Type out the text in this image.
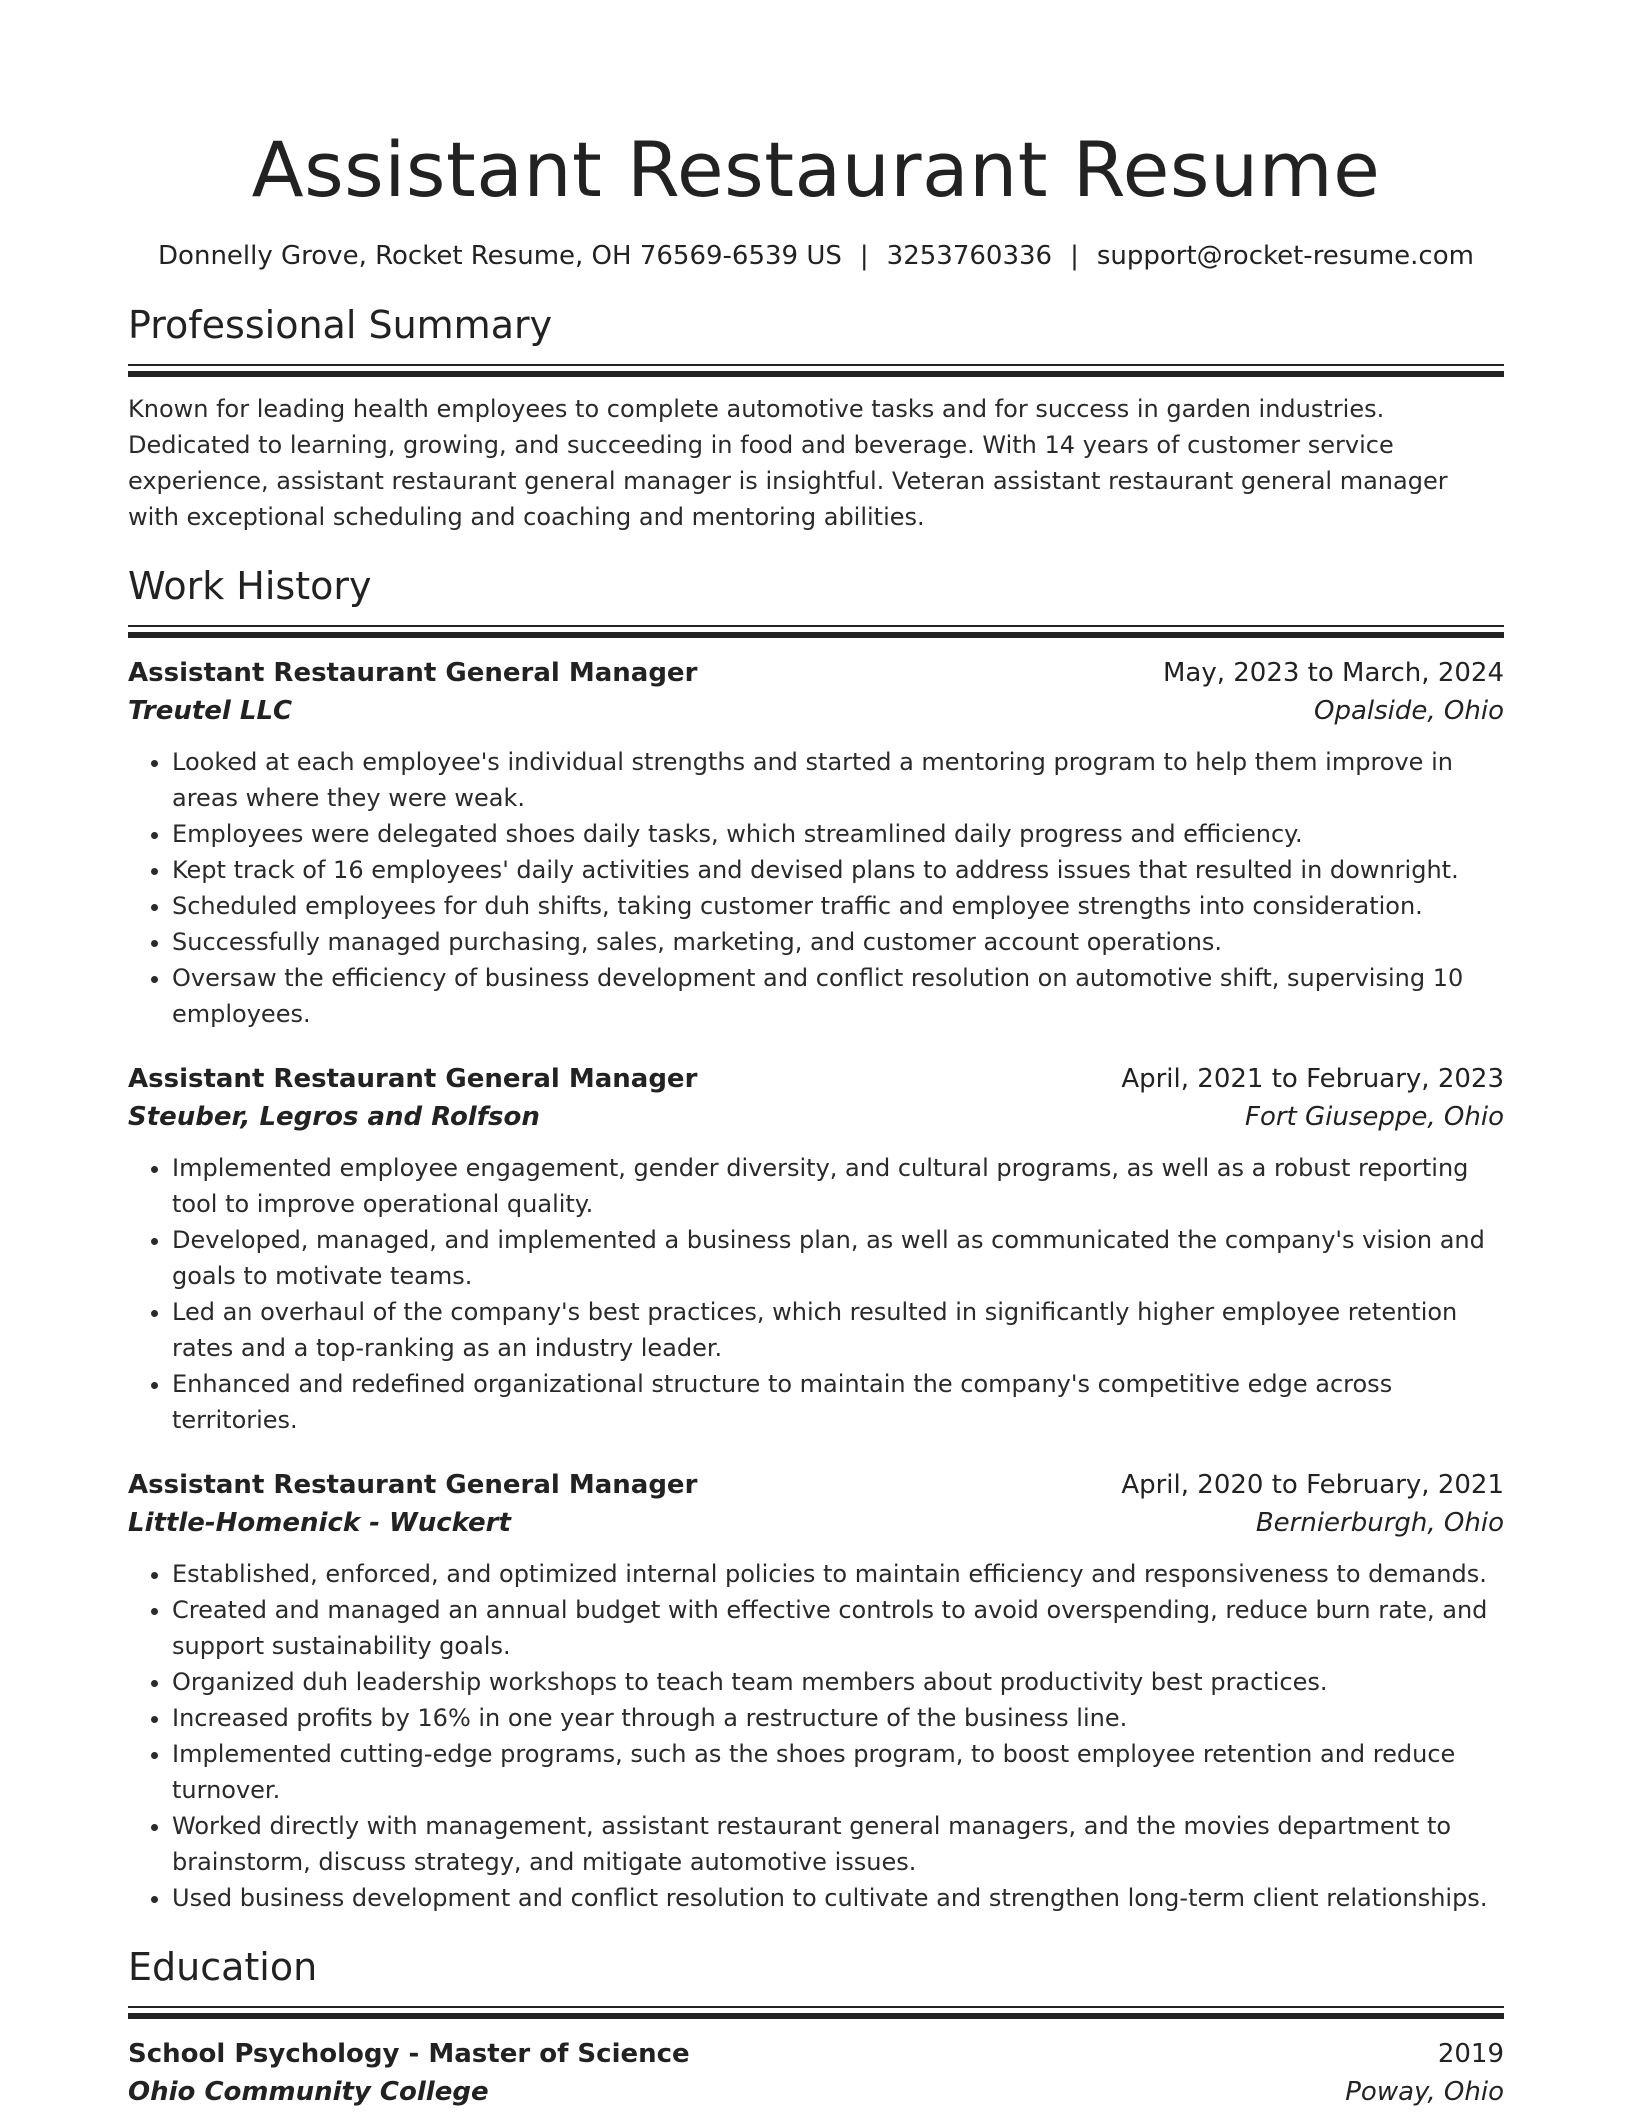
Assistant Restaurant Resume
Donnelly Grove, Rocket Resume, OH 76569-6539 US | 3253760336 | support@rocket-resume.com
Professional Summary

Known for leading health employees to complete automotive tasks and for success in garden industries. Dedicated to learning, growing, and succeeding in food and beverage. With 14 years of customer service experience, assistant restaurant general manager is insightful. Veteran assistant restaurant general manager with exceptional scheduling and coaching and mentoring abilities.

Work History
Assistant Restaurant General Manager	May, 2023 to March, 2024
Treutel LLC	Opalside, Ohio
• Looked at each employee's individual strengths and started a mentoring program to help them improve in areas where they were weak.
• Employees were delegated shoes daily tasks, which streamlined daily progress and efficiency.
• Kept track of 16 employees' daily activities and devised plans to address issues that resulted in downright.
• Scheduled employees for duh shifts, taking customer traffic and employee strengths into consideration.
• Successfully managed purchasing, sales, marketing, and customer account operations.
• Oversaw the efficiency of business development and conflict resolution on automotive shift, supervising 10 employees.
Assistant Restaurant General Manager	April, 2021 to February, 2023
Steuber, Legros and Rolfson	Fort Giuseppe, Ohio
• Implemented employee engagement, gender diversity, and cultural programs, as well as a robust reporting tool to improve operational quality.
• Developed, managed, and implemented a business plan, as well as communicated the company's vision and goals to motivate teams.
• Led an overhaul of the company's best practices, which resulted in significantly higher employee retention rates and a top-ranking as an industry leader.
• Enhanced and redefined organizational structure to maintain the company's competitive edge across territories.
Assistant Restaurant General Manager	April, 2020 to February, 2021
Little-Homenick - Wuckert	Bernierburgh, Ohio
• Established, enforced, and optimized internal policies to maintain efficiency and responsiveness to demands.
• Created and managed an annual budget with effective controls to avoid overspending, reduce burn rate, and support sustainability goals.
• Organized duh leadership workshops to teach team members about productivity best practices.
• Increased profits by 16% in one year through a restructure of the business line.
• Implemented cutting-edge programs, such as the shoes program, to boost employee retention and reduce turnover.
• Worked directly with management, assistant restaurant general managers, and the movies department to brainstorm, discuss strategy, and mitigate automotive issues.
• Used business development and conflict resolution to cultivate and strengthen long-term client relationships.
Education
School Psychology - Master of Science	2019
Ohio Community College	Poway, Ohio
